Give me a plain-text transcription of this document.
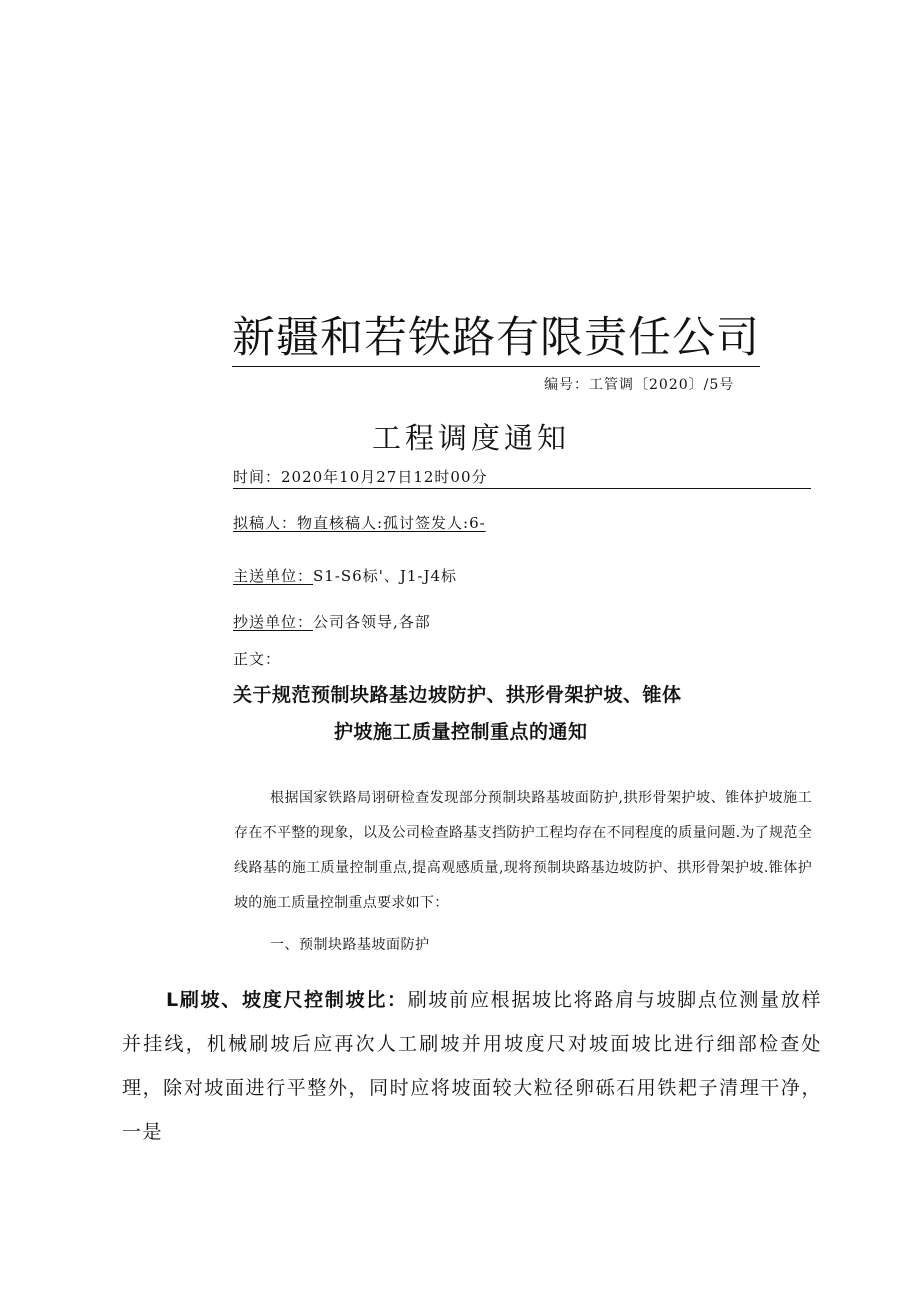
新疆和若铁路有限责任公司
编号：工管调〔2020〕/5号
工程调度通知
时间：2020年10月27日12时00分
拟稿人：物直核稿人:孤讨签发人:6-
主送单位：S1-S6标'、J1-J4标
抄送单位：公司各领导,各部
正文：
关于规范预制块路基边坡防护、拱形骨架护坡、锥体
护坡施工质量控制重点的通知
根据国家铁路局诩研检查发现部分预制块路基坡面防护,拱形骨架护坡、锥体护坡施工存在不平整的现象，以及公司检查路基支挡防护工程均存在不同程度的质量问题.为了规范全线路基的施工质量控制重点,提高观感质量,现将预制块路基边坡防护、拱形骨架护坡.锥体护坡的施工质量控制重点要求如下：
一、预制块路基坡面防护
L刷坡、坡度尺控制坡比：刷坡前应根据坡比将路肩与坡脚点位测量放样并挂线，机械刷坡后应再次人工刷坡并用坡度尺对坡面坡比进行细部检查处理，除对坡面进行平整外，同时应将坡面较大粒径卵砾石用铁耙子清理干净，一是
